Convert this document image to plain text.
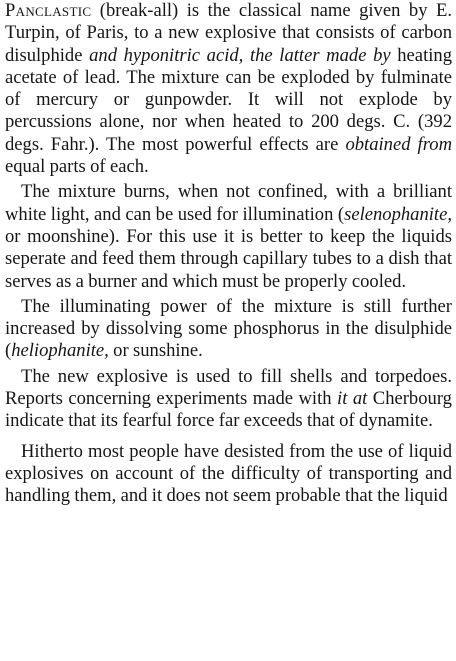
Panclastic (break-all) is the classical name given by E. Turpin, of Paris, to a new explosive that consists of carbon disulphide and hyponitric acid, the latter made by heating acetate of lead. The mixture can be exploded by fulminate of mercury or gunpowder. It will not explode by percussions alone, nor when heated to 200 degs. C. (392 degs. Fahr.). The most powerful effects are obtained from equal parts of each.

The mixture burns, when not confined, with a brilliant white light, and can be used for illumination (selenophanite, or moonshine). For this use it is better to keep the liquids seperate and feed them through capillary tubes to a dish that serves as a burner and which must be properly cooled.

The illuminating power of the mixture is still further increased by dissolving some phosphorus in the disulphide (heliophanite, or sunshine.

The new explosive is used to fill shells and torpedoes. Reports concerning experiments made with it at Cherbourg indicate that its fearful force far exceeds that of dynamite.

Hitherto most people have desisted from the use of liquid explosives on account of the difficulty of transporting and handling them, and it does not seem probable that the liquid
